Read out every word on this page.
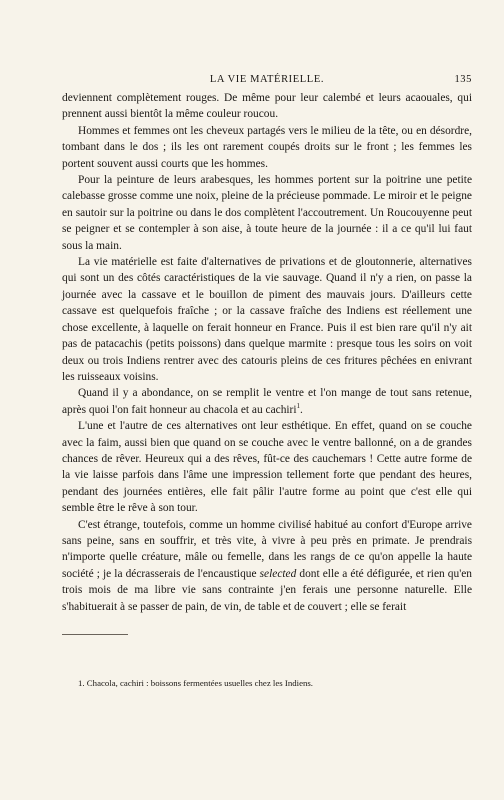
LA VIE MATÉRIELLE.	135

deviennent complètement rouges. De même pour leur calembé et leurs acaouales, qui prennent aussi bientôt la même couleur roucou.

Hommes et femmes ont les cheveux partagés vers le milieu de la tête, ou en désordre, tombant dans le dos ; ils les ont rarement coupés droits sur le front ; les femmes les portent souvent aussi courts que les hommes.

Pour la peinture de leurs arabesques, les hommes portent sur la poitrine une petite calebasse grosse comme une noix, pleine de la précieuse pommade. Le miroir et le peigne en sautoir sur la poitrine ou dans le dos complètent l'accoutrement. Un Roucouyenne peut se peigner et se contempler à son aise, à toute heure de la journée : il a ce qu'il lui faut sous la main.

La vie matérielle est faite d'alternatives de privations et de gloutonnerie, alternatives qui sont un des côtés caractéristiques de la vie sauvage. Quand il n'y a rien, on passe la journée avec la cassave et le bouillon de piment des mauvais jours. D'ailleurs cette cassave est quelquefois fraîche ; or la cassave fraîche des Indiens est réellement une chose excellente, à laquelle on ferait honneur en France. Puis il est bien rare qu'il n'y ait pas de patacachis (petits poissons) dans quelque marmite : presque tous les soirs on voit deux ou trois Indiens rentrer avec des catouris pleins de ces fritures pêchées en enivrant les ruisseaux voisins.

Quand il y a abondance, on se remplit le ventre et l'on mange de tout sans retenue, après quoi l'on fait honneur au chacola et au cachiri$^1$.

L'une et l'autre de ces alternatives ont leur esthétique. En effet, quand on se couche avec la faim, aussi bien que quand on se couche avec le ventre ballonné, on a de grandes chances de rêver. Heureux qui a des rêves, fût-ce des cauchemars ! Cette autre forme de la vie laisse parfois dans l'âme une impression tellement forte que pendant des heures, pendant des journées entières, elle fait pâlir l'autre forme au point que c'est elle qui semble être le rêve à son tour.

C'est étrange, toutefois, comme un homme civilisé habitué au confort d'Europe arrive sans peine, sans en souffrir, et très vite, à vivre à peu près en primate. Je prendrais n'importe quelle créature, mâle ou femelle, dans les rangs de ce qu'on appelle la haute société ; je la décrasserais de l'encaustique selected dont elle a été défigurée, et rien qu'en trois mois de ma libre vie sans contrainte j'en ferais une personne naturelle. Elle s'habituerait à se passer de pain, de vin, de table et de couvert ; elle se ferait

1. Chacola, cachiri : boissons fermentées usuelles chez les Indiens.
